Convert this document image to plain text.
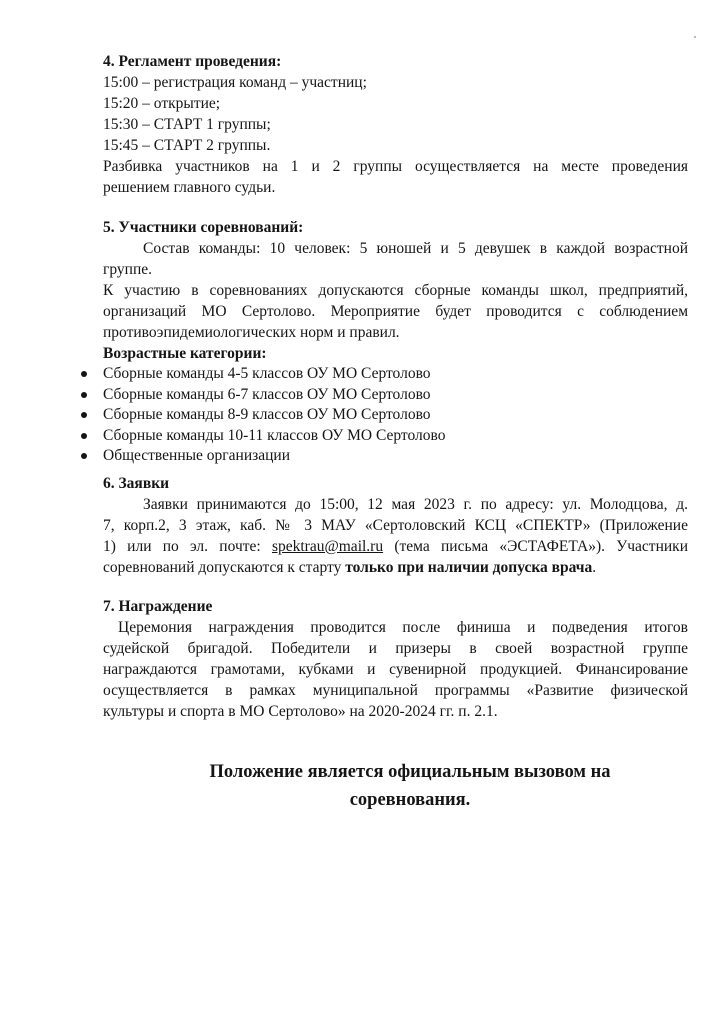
4. Регламент проведения:
15:00 – регистрация команд – участниц;
15:20 – открытие;
15:30 – СТАРТ 1 группы;
15:45 – СТАРТ 2 группы.
Разбивка участников на 1 и 2 группы осуществляется на месте проведения
решением главного судьи.
5. Участники соревнований:
Состав команды: 10 человек: 5 юношей и 5 девушек в каждой возрастной
группе.
К участию в соревнованиях допускаются сборные команды школ, предприятий,
организаций МО Сертолово. Мероприятие будет проводится с соблюдением
противоэпидемиологических норм и правил.
Возрастные категории:
Сборные команды 4-5 классов ОУ МО Сертолово
Сборные команды 6-7 классов ОУ МО Сертолово
Сборные команды 8-9 классов ОУ МО Сертолово
Сборные команды 10-11 классов ОУ МО Сертолово
Общественные организации
6. Заявки
Заявки принимаются до 15:00, 12 мая 2023 г. по адресу: ул. Молодцова, д.
7, корп.2, 3 этаж, каб. № 3 МАУ «Сертоловский КСЦ «СПЕКТР» (Приложение
1) или по эл. почте: spektrau@mail.ru (тема письма «ЭСТАФЕТА»). Участники
соревнований допускаются к старту только при наличии допуска врача.
7. Награждение
Церемония награждения проводится после финиша и подведения итогов
судейской бригадой. Победители и призеры в своей возрастной группе
награждаются грамотами, кубками и сувенирной продукцией. Финансирование
осуществляется в рамках муниципальной программы «Развитие физической
культуры и спорта в МО Сертолово» на 2020-2024 гг. п. 2.1.
Положение является официальным вызовом на
соревнования.
